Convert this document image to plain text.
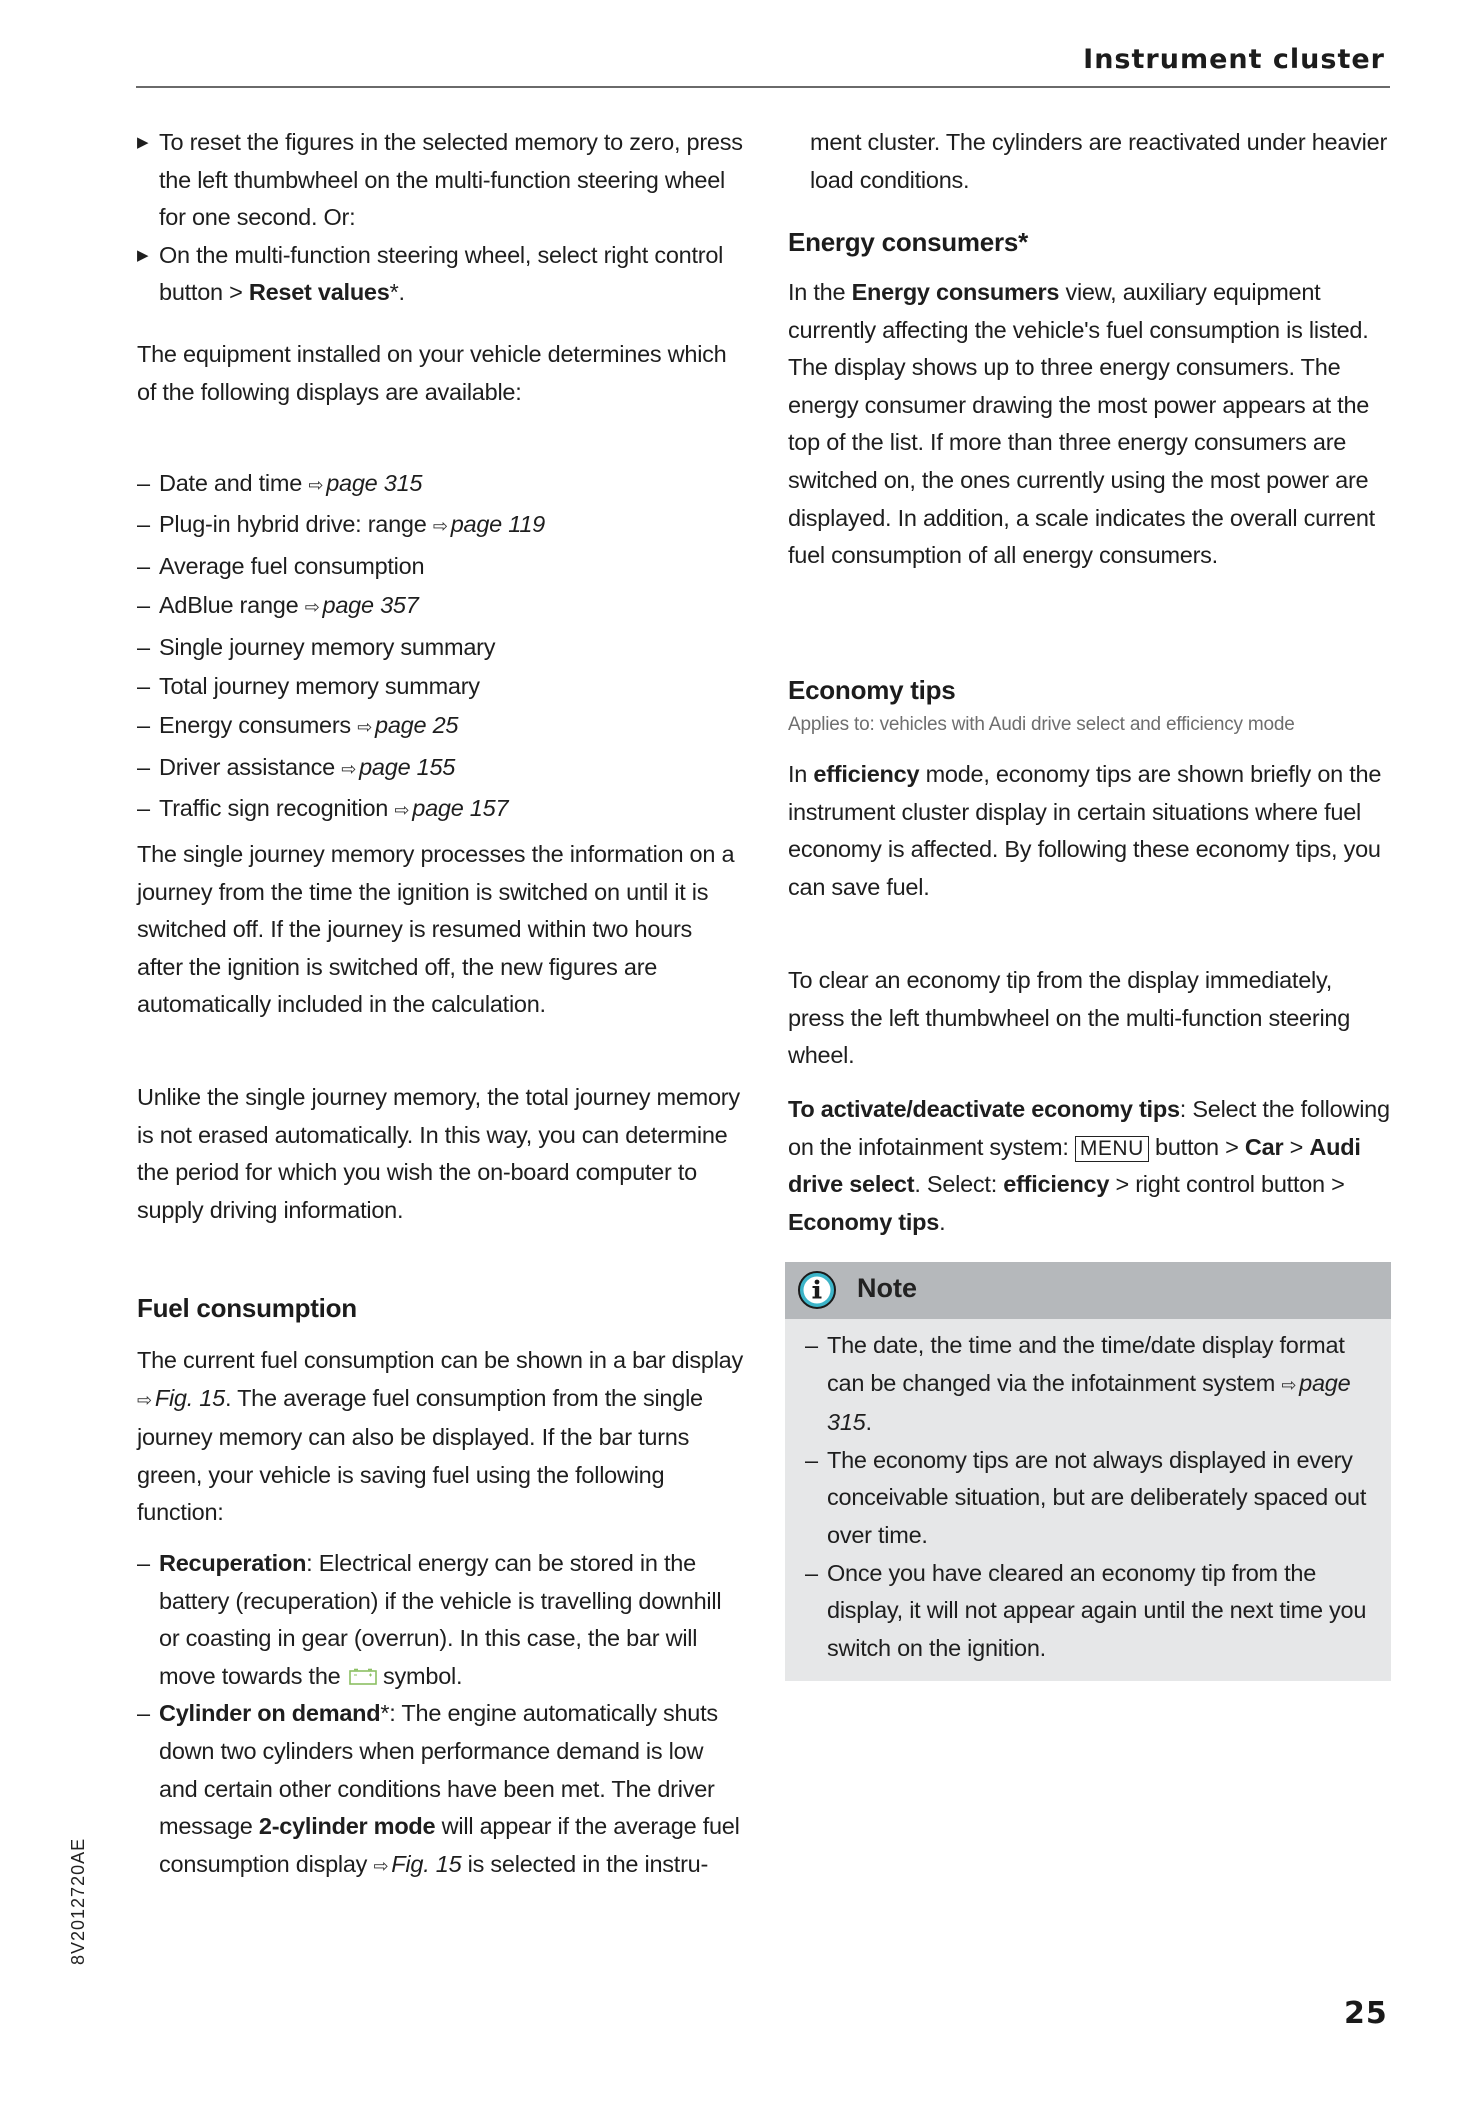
Instrument cluster
▶ To reset the figures in the selected memory to zero, press the left thumbwheel on the multi-function steering wheel for one second. Or:
▶ On the multi-function steering wheel, select right control button > Reset values*.

The equipment installed on your vehicle determines which of the following displays are available:

– Date and time ⇨ page 315
– Plug-in hybrid drive: range ⇨ page 119
– Average fuel consumption
– AdBlue range ⇨ page 357
– Single journey memory summary
– Total journey memory summary
– Energy consumers ⇨ page 25
– Driver assistance ⇨ page 155
– Traffic sign recognition ⇨ page 157

The single journey memory processes the information on a journey from the time the ignition is switched on until it is switched off. If the journey is resumed within two hours after the ignition is switched off, the new figures are automatically included in the calculation.

Unlike the single journey memory, the total journey memory is not erased automatically. In this way, you can determine the period for which you wish the on-board computer to supply driving information.

Fuel consumption

The current fuel consumption can be shown in a bar display ⇨ Fig. 15. The average fuel consumption from the single journey memory can also be displayed. If the bar turns green, your vehicle is saving fuel using the following function:

– Recuperation: Electrical energy can be stored in the battery (recuperation) if the vehicle is travelling downhill or coasting in gear (overrun). In this case, the bar will move towards the  symbol.
– Cylinder on demand*: The engine automatically shuts down two cylinders when performance demand is low and certain other conditions have been met. The driver message 2-cylinder mode will appear if the average fuel consumption display ⇨ Fig. 15 is selected in the instru-

ment cluster. The cylinders are reactivated under heavier load conditions.

Energy consumers*

In the Energy consumers view, auxiliary equipment currently affecting the vehicle's fuel consumption is listed. The display shows up to three energy consumers. The energy consumer drawing the most power appears at the top of the list. If more than three energy consumers are switched on, the ones currently using the most power are displayed. In addition, a scale indicates the overall current fuel consumption of all energy consumers.

Economy tips
Applies to: vehicles with Audi drive select and efficiency mode

In efficiency mode, economy tips are shown briefly on the instrument cluster display in certain situations where fuel economy is affected. By following these economy tips, you can save fuel.

To clear an economy tip from the display immediately, press the left thumbwheel on the multi-function steering wheel.

To activate/deactivate economy tips: Select the following on the infotainment system: MENU button > Car > Audi drive select. Select: efficiency > right control button > Economy tips.

Note
– The date, the time and the time/date display format can be changed via the infotainment system ⇨ page 315.
– The economy tips are not always displayed in every conceivable situation, but are deliberately spaced out over time.
– Once you have cleared an economy tip from the display, it will not appear again until the next time you switch on the ignition.
8V2012720AE
25
